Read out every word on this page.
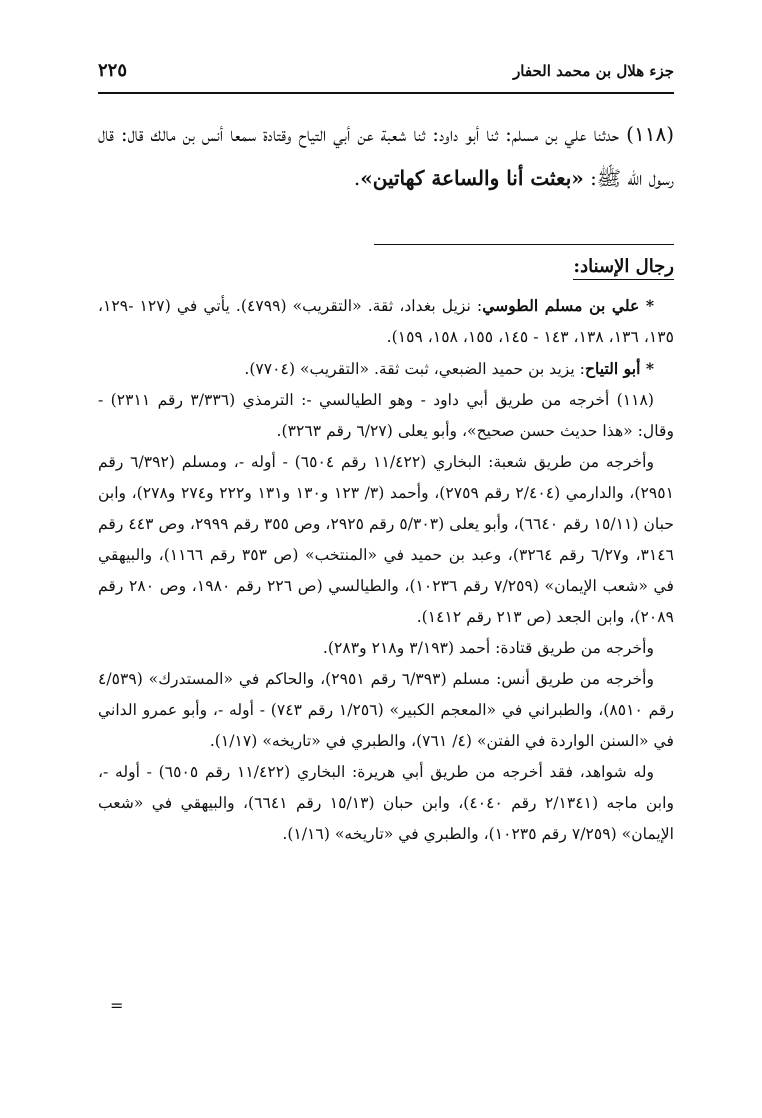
جزء هلال بن محمد الحفار
٢٢٥
(١١٨) حدثنا علي بن مسلم: ثنا أبو داود: ثنا شعبة عن أبي التياح وقتادة سمعا أنس بن مالك قال: قال رسول الله ﷺ: «بعثت أنا والساعة كهاتين».
رجال الإسناد:

* علي بن مسلم الطوسي: نزيل بغداد، ثقة. «التقريب» (٤٧٩٩). يأتي في (١٢٧ -١٢٩، ١٣٥، ١٣٦، ١٣٨، ١٤٣ - ١٤٥، ١٥٥، ١٥٨، ١٥٩).

* أبو التياح: يزيد بن حميد الضبعي، ثبت ثقة. «التقريب» (٧٧٠٤).

(١١٨) أخرجه من طريق أبي داود - وهو الطيالسي -: الترمذي (٣/٣٣٦ رقم ٢٣١١) - وقال: «هذا حديث حسن صحيح»، وأبو يعلى (٦/٢٧ رقم ٣٢٦٣).

وأخرجه من طريق شعبة: البخاري (١١/٤٢٢ رقم ٦٥٠٤) - أوله -، ومسلم (٦/٣٩٢ رقم ٢٩٥١)، والدارمي (٢/٤٠٤ رقم ٢٧٥٩)، وأحمد (٣/ ١٢٣ و١٣٠ و١٣١ و٢٢٢ و٢٧٤ و٢٧٨)، وابن حبان (١٥/١١ رقم ٦٦٤٠)، وأبو يعلى (٥/٣٠٣ رقم ٢٩٢٥، وص ٣٥٥ رقم ٢٩٩٩، وص ٤٤٣ رقم ٣١٤٦، و٦/٢٧ رقم ٣٢٦٤)، وعبد بن حميد في «المنتخب» (ص ٣٥٣ رقم ١١٦٦)، والبيهقي في «شعب الإيمان» (٧/٢٥٩ رقم ١٠٢٣٦)، والطيالسي (ص ٢٢٦ رقم ١٩٨٠، وص ٢٨٠ رقم ٢٠٨٩)، وابن الجعد (ص ٢١٣ رقم ١٤١٢).

وأخرجه من طريق قتادة: أحمد (٣/١٩٣ و٢١٨ و٢٨٣).

وأخرجه من طريق أنس: مسلم (٦/٣٩٣ رقم ٢٩٥١)، والحاكم في «المستدرك» (٤/٥٣٩ رقم ٨٥١٠)، والطبراني في «المعجم الكبير» (١/٢٥٦ رقم ٧٤٣) - أوله -، وأبو عمرو الداني في «السنن الواردة في الفتن» (٤/ ٧٦١)، والطبري في «تاريخه» (١/١٧).

وله شواهد، فقد أخرجه من طريق أبي هريرة: البخاري (١١/٤٢٢ رقم ٦٥٠٥) - أوله -، وابن ماجه (٢/١٣٤١ رقم ٤٠٤٠)، وابن حبان (١٥/١٣ رقم ٦٦٤١)، والبيهقي في «شعب الإيمان» (٧/٢٥٩ رقم ١٠٢٣٥)، والطبري في «تاريخه» (١/١٦).

=
